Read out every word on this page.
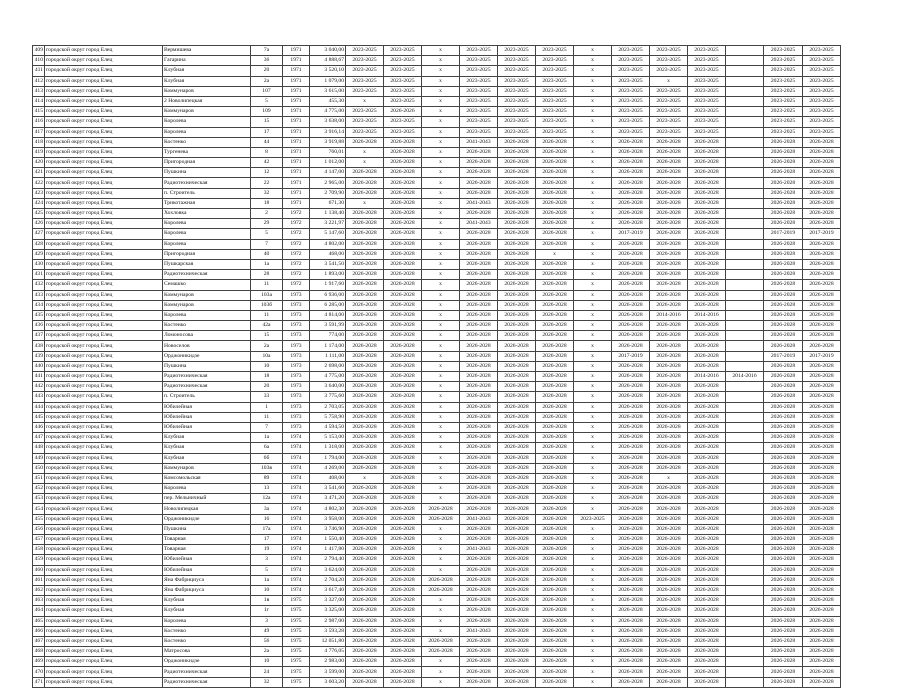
409	городской округ город Елец	Вермишева	7а	1971	3 040,00	2023-2025	2023-2025	х	2023-2025	2023-2025	2023-2025	х	2023-2025	2023-2025	2023-2025		2023-2025	2023-2025
410	городской округ город Елец	Гагарина	36	1971	4 888,67	2023-2025	2023-2025	х	2023-2025	2023-2025	2023-2025	х	2023-2025	2023-2025	2023-2025		2023-2025	2023-2025
411	городской округ город Елец	Клубная	20	1971	3 520,10	2023-2025	2023-2025	х	2023-2025	2023-2025	2023-2025	х	2023-2025	2023-2025	2023-2025		2023-2025	2023-2025
412	городской округ город Елец	Клубная	2а	1971	1 079,00	2023-2025	2023-2025	х	2023-2025	2023-2025	2023-2025	х	2023-2025	х	2023-2025		2023-2025	2023-2025
413	городской округ город Елец	Коммунаров	107	1971	3 615,00	2023-2025	2023-2025	х	2023-2025	2023-2025	2023-2025	х	2023-2025	2023-2025	2023-2025		2023-2025	2023-2025
414	городской округ город Елец	2 Новолипецкая	5	1971	455,30	х	2023-2025	х	2023-2025	2023-2025	2023-2025	х	2023-2025	2023-2025	2023-2025		2023-2025	2023-2025
415	городской округ город Елец	Коммунаров	109	1971	4 775,00	2023-2025	2026-2026	х	2023-2025	2023-2025	2023-2025	х	2023-2025	2023-2025	2023-2025		2023-2025	2023-2025
416	городской округ город Елец	Королева	15	1971	3 638,00	2023-2025	2023-2025	х	2023-2025	2023-2025	2023-2025	х	2023-2025	2023-2025	2023-2025		2023-2025	2023-2025
417	городской округ город Елец	Королева	17	1971	3 916,14	2023-2025	2023-2025	х	2023-2025	2023-2025	2023-2025	х	2023-2025	2023-2025	2023-2025		2023-2025	2023-2025
418	городской округ город Елец	Костенко	44	1971	3 919,88	2026-2028	2026-2028	х	2041-2043	2026-2028	2026-2028	х	2026-2028	2026-2028	2026-2028		2026-2028	2026-2028
419	городской округ город Елец	Тургенева	8	1971	760,01	х	2026-2028	х	2026-2028	2026-2028	2026-2028	х	2026-2028	2026-2028	2026-2028		2026-2028	2026-2028
420	городской округ город Елец	Пригородная	42	1971	1 012,00	х	2026-2028	х	2026-2028	2026-2028	2026-2028	х	2026-2028	2026-2028	2026-2028		2026-2028	2026-2028
421	городской округ город Елец	Пушкина	12	1971	4 147,00	2026-2028	2026-2028	х	2026-2028	2026-2028	2026-2028	х	2026-2028	2026-2028	2026-2028		2026-2028	2026-2028
422	городской округ город Елец	Радиотехническая	22	1971	2 965,00	2026-2028	2026-2028	х	2026-2028	2026-2028	2026-2028	х	2026-2028	2026-2028	2026-2028		2026-2028	2026-2028
423	городской округ город Елец	п. Строитель	32	1971	2 709,90	2026-2028	2026-2028	х	2026-2028	2026-2028	2026-2028	х	2026-2028	2026-2028	2026-2028		2026-2028	2026-2028
424	городской округ город Елец	Трикотажная	18	1971	671,30	х	2026-2028	х	2041-2043	2026-2028	2026-2028	х	2026-2028	2026-2028	2026-2028		2026-2028	2026-2028
425	городской округ город Елец	Хохловка	2	1972	1 138,40	2026-2028	2026-2028	х	2026-2028	2026-2028	2026-2028	х	2026-2028	2026-2028	2026-2028		2026-2028	2026-2028
426	городской округ город Елец	Королева	29	1972	3 221,97	2026-2028	2026-2028	х	2041-2043	2026-2028	2026-2028	х	2026-2028	2026-2028	2026-2028		2026-2028	2026-2028
427	городской округ город Елец	Королева	5	1972	5 147,60	2026-2028	2026-2028	х	2026-2028	2026-2028	2026-2028	х	2017-2019	2026-2028	2026-2028		2017-2019	2017-2019
428	городской округ город Елец	Королева	7	1972	4 802,00	2026-2028	2026-2028	х	2026-2028	2026-2028	2026-2028	х	2026-2028	2026-2028	2026-2028		2026-2028	2026-2028
429	городской округ город Елец	Пригородная	40	1972	468,00	2026-2028	2026-2028	х	2026-2028	2026-2028	х	х	2026-2028	2026-2028	2026-2028		2026-2028	2026-2028
430	городской округ город Елец	Пушкарская	1а	1972	3 541,50	2026-2028	2026-2028	х	2026-2028	2026-2028	2026-2028	х	2026-2028	2026-2028	2026-2028		2026-2028	2026-2028
431	городской округ город Елец	Радиотехническая	28	1972	1 893,00	2026-2028	2026-2028	х	2026-2028	2026-2028	2026-2028	х	2026-2028	2026-2028	2026-2028		2026-2028	2026-2028
432	городской округ город Елец	Семашко	11	1972	1 917,60	2026-2028	2026-2028	х	2026-2028	2026-2028	2026-2028	х	2026-2028	2026-2028	2026-2028		2026-2028	2026-2028
433	городской округ город Елец	Коммунаров	103а	1973	6 936,00	2026-2028	2026-2028	х	2026-2028	2026-2028	2026-2028	х	2026-2028	2026-2028	2026-2028		2026-2028	2026-2028
434	городской округ город Елец	Коммунаров	103б	1973	6 285,00	2026-2028	2026-2028	х	2026-2028	2026-2028	2026-2028	х	2026-2028	2026-2028	2026-2028		2026-2028	2026-2028
435	городской округ город Елец	Королева	11	1973	4 814,00	2026-2028	2026-2028	х	2026-2028	2026-2028	2026-2028	х	2026-2028	2014-2016	2014-2016		2026-2028	2026-2028
436	городской округ город Елец	Костенко	42а	1973	3 591,99	2026-2028	2026-2028	х	2026-2028	2026-2028	2026-2028	х	2026-2028	2026-2028	2026-2028		2026-2028	2026-2028
437	городской округ город Елец	Ломоносова	15	1973	774,00	2026-2028	2026-2028	х	2026-2028	2026-2028	2026-2028	х	2026-2028	2026-2028	2026-2028		2026-2028	2026-2028
438	городской округ город Елец	Новоселов	2а	1973	1 174,00	2026-2028	2026-2028	х	2026-2028	2026-2028	2026-2028	х	2026-2028	2026-2028	2026-2028		2026-2028	2026-2028
439	городской округ город Елец	Орджоникидзе	10а	1973	1 111,00	2026-2028	2026-2028	х	2026-2028	2026-2028	2026-2028	х	2017-2019	2026-2028	2026-2028		2017-2019	2017-2019
440	городской округ город Елец	Пушкина	10	1973	2 698,00	2026-2028	2026-2028	х	2026-2028	2026-2028	2026-2028	х	2026-2028	2026-2028	2026-2028		2026-2028	2026-2028
441	городской округ город Елец	Радиотехническая	18	1973	4 775,00	2026-2028	2026-2028	х	2026-2028	2026-2028	2026-2028	х	2026-2028	2026-2028	2014-2016	2014-2016	2026-2028	2026-2028
442	городской округ город Елец	Радиотехническая	20	1973	3 640,00	2026-2028	2026-2028	х	2026-2028	2026-2028	2026-2028	х	2026-2028	2026-2028	2026-2028		2026-2028	2026-2028
443	городской округ город Елец	п. Строитель	33	1973	3 775,60	2026-2028	2026-2028	х	2026-2028	2026-2028	2026-2028	х	2026-2028	2026-2028	2026-2028		2026-2028	2026-2028
444	городской округ город Елец	Юбилейная	1	1973	2 703,05	2026-2028	2026-2028	х	2026-2028	2026-2028	2026-2028	х	2026-2028	2026-2028	2026-2028		2026-2028	2026-2028
445	городской округ город Елец	Юбилейная	11	1973	5 758,90	2026-2028	2026-2028	х	2026-2028	2026-2028	2026-2028	х	2026-2028	2026-2028	2026-2028		2026-2028	2026-2028
446	городской округ город Елец	Юбилейная	7	1973	4 594,50	2026-2028	2026-2028	х	2026-2028	2026-2028	2026-2028	х	2026-2028	2026-2028	2026-2028		2026-2028	2026-2028
447	городской округ город Елец	Клубная	1а	1974	5 153,00	2026-2028	2026-2028	х	2026-2028	2026-2028	2026-2028	х	2026-2028	2026-2028	2026-2028		2026-2028	2026-2028
448	городской округ город Елец	Клубная	6а	1974	1 318,00	2026-2028	2026-2028	х	2026-2028	2026-2028	2026-2028	х	2026-2028	2026-2028	2026-2028		2026-2028	2026-2028
449	городской округ город Елец	Клубная	6б	1974	1 794,00	2026-2028	2026-2028	х	2026-2028	2026-2028	2026-2028	х	2026-2028	2026-2028	2026-2028		2026-2028	2026-2028
450	городской округ город Елец	Коммунаров	103в	1974	4 269,00	2026-2028	2026-2028	х	2026-2028	2026-2028	2026-2028	х	2026-2028	2026-2028	2026-2028		2026-2028	2026-2028
451	городской округ город Елец	Комсомольская	89	1974	408,00	х	2026-2028	х	2026-2028	2026-2028	2026-2028	х	2026-2028	х	2026-2028		2026-2028	2026-2028
452	городской округ город Елец	Королева	13	1974	3 541,60	2026-2028	2026-2028	х	2026-2028	2026-2028	2026-2028	х	2026-2028	2026-2028	2026-2028		2026-2028	2026-2028
453	городской округ город Елец	пер. Мельничный	12а	1974	3 471,20	2026-2028	2026-2028	х	2026-2028	2026-2028	2026-2028	х	2026-2028	2026-2028	2026-2028		2026-2028	2026-2028
454	городской округ город Елец	Новолипецкая	3а	1974	4 802,30	2026-2028	2026-2028	2026-2028	2026-2028	2026-2028	2026-2028	х	2026-2028	2026-2028	2026-2028		2026-2028	2026-2028
455	городской округ город Елец	Орджоникидзе	16	1974	3 958,00	2026-2028	2026-2028	2026-2028	2041-2043	2026-2028	2026-2028	2023-2025	2026-2028	2026-2028	2026-2028		2026-2028	2026-2028
456	городской округ город Елец	Пушкина	17а	1974	3 746,90	2026-2028	2026-2028	х	2026-2028	2026-2028	2026-2028	х	2026-2028	2026-2028	2026-2028		2026-2028	2026-2028
457	городской округ город Елец	Товарная	17	1974	1 550,40	2026-2028	2026-2028	х	2026-2028	2026-2028	2026-2028	х	2026-2028	2026-2028	2026-2028		2026-2028	2026-2028
458	городской округ город Елец	Товарная	19	1974	1 417,80	2026-2028	2026-2028	х	2041-2043	2026-2028	2026-2028	х	2026-2028	2026-2028	2026-2028		2026-2028	2026-2028
459	городской округ город Елец	Юбилейная	3	1974	2 794,40	2026-2028	2026-2028	х	2026-2028	2026-2028	2026-2028	х	2026-2028	2026-2028	2026-2028		2026-2028	2026-2028
460	городской округ город Елец	Юбилейная	5	1974	3 624,00	2026-2028	2026-2028	х	2026-2028	2026-2028	2026-2028	х	2026-2028	2026-2028	2026-2028		2026-2028	2026-2028
461	городской округ город Елец	Яна Фабрициуса	1а	1974	2 704,20	2026-2028	2026-2028	2026-2028	2026-2028	2026-2028	2026-2028	х	2026-2028	2026-2028	2026-2028		2026-2028	2026-2028
462	городской округ город Елец	Яна Фабрициуса	10	1974	3 617,40	2026-2028	2026-2028	2026-2028	2026-2028	2026-2028	2026-2028	х	2026-2028	2026-2028	2026-2028		2026-2028	2026-2028
463	городской округ город Елец	Клубная	1в	1975	3 327,00	2026-2028	2026-2028	х	2026-2028	2026-2028	2026-2028	х	2026-2028	2026-2028	2026-2028		2026-2028	2026-2028
464	городской округ город Елец	Клубная	1г	1975	3 325,00	2026-2028	2026-2028	х	2026-2028	2026-2028	2026-2028	х	2026-2028	2026-2028	2026-2028		2026-2028	2026-2028
465	городской округ город Елец	Королева	3	1975	2 987,00	2026-2028	2026-2028	х	2026-2028	2026-2028	2026-2028	х	2026-2028	2026-2028	2026-2028		2026-2028	2026-2028
466	городской округ город Елец	Костенко	49	1975	3 593,28	2026-2028	2026-2028	х	2041-2043	2026-2028	2026-2028	х	2026-2028	2026-2028	2026-2028		2026-2028	2026-2028
467	городской округ город Елец	Костенко	56	1975	12 051,80	2026-2028	2026-2028	2026-2028	2026-2028	2026-2028	2026-2028	х	2026-2028	2026-2028	2026-2028		2026-2028	2026-2028
468	городской округ город Елец	Матросова	2а	1975	4 776,05	2026-2028	2026-2028	2026-2028	2026-2028	2026-2028	2026-2028	х	2026-2028	2026-2028	2026-2028		2026-2028	2026-2028
469	городской округ город Елец	Орджоникидзе	10	1975	2 983,00	2026-2028	2026-2028	х	2026-2028	2026-2028	2026-2028	х	2026-2028	2026-2028	2026-2028		2026-2028	2026-2028
470	городской округ город Елец	Радиотехническая	24	1975	3 599,00	2026-2028	2026-2028	х	2026-2028	2026-2028	2026-2028	х	2026-2028	2026-2028	2026-2028		2026-2028	2026-2028
471	городской округ город Елец	Радиотехническая	32	1975	3 603,20	2026-2028	2026-2028	х	2026-2028	2026-2028	2026-2028	х	2026-2028	2026-2028	2026-2028		2026-2028	2026-2028
